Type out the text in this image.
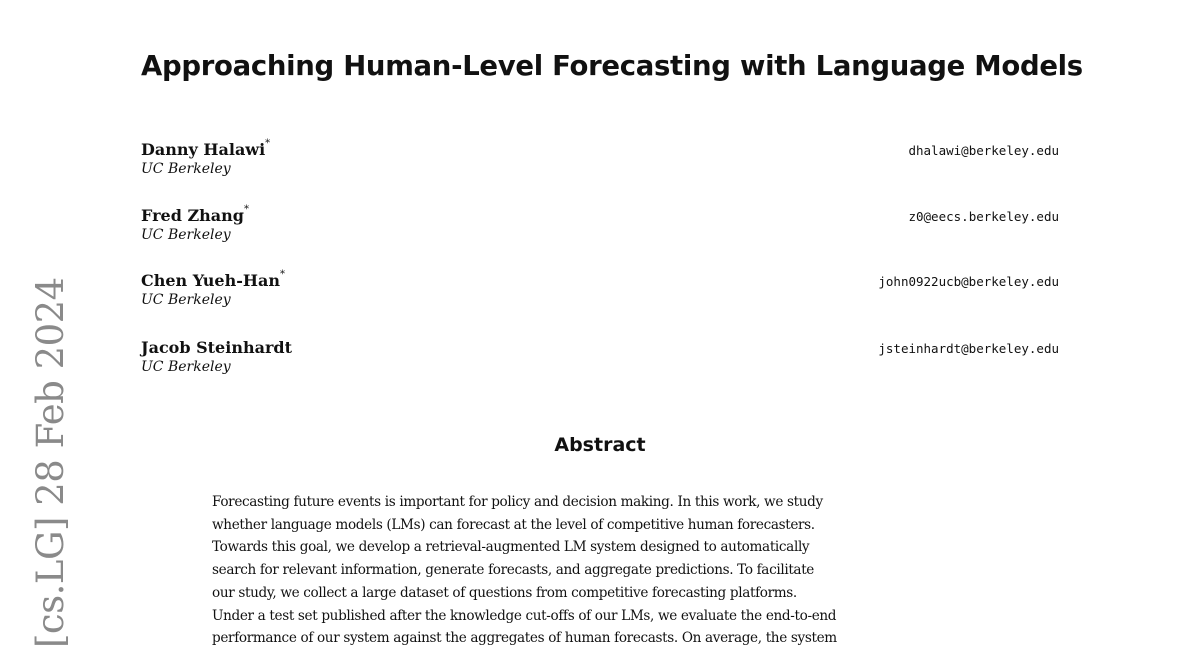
Approaching Human-Level Forecasting with Language Models
Danny Halawi*
UC Berkeley
dhalawi@berkeley.edu
Fred Zhang*
UC Berkeley
z0@eecs.berkeley.edu
Chen Yueh-Han*
UC Berkeley
john0922ucb@berkeley.edu
Jacob Steinhardt
UC Berkeley
jsteinhardt@berkeley.edu
Abstract
Forecasting future events is important for policy and decision making. In this work, we study
whether language models (LMs) can forecast at the level of competitive human forecasters.
Towards this goal, we develop a retrieval-augmented LM system designed to automatically
search for relevant information, generate forecasts, and aggregate predictions. To facilitate
our study, we collect a large dataset of questions from competitive forecasting platforms.
Under a test set published after the knowledge cut-offs of our LMs, we evaluate the end-to-end
performance of our system against the aggregates of human forecasts. On average, the system
[cs.LG] 28 Feb 2024
